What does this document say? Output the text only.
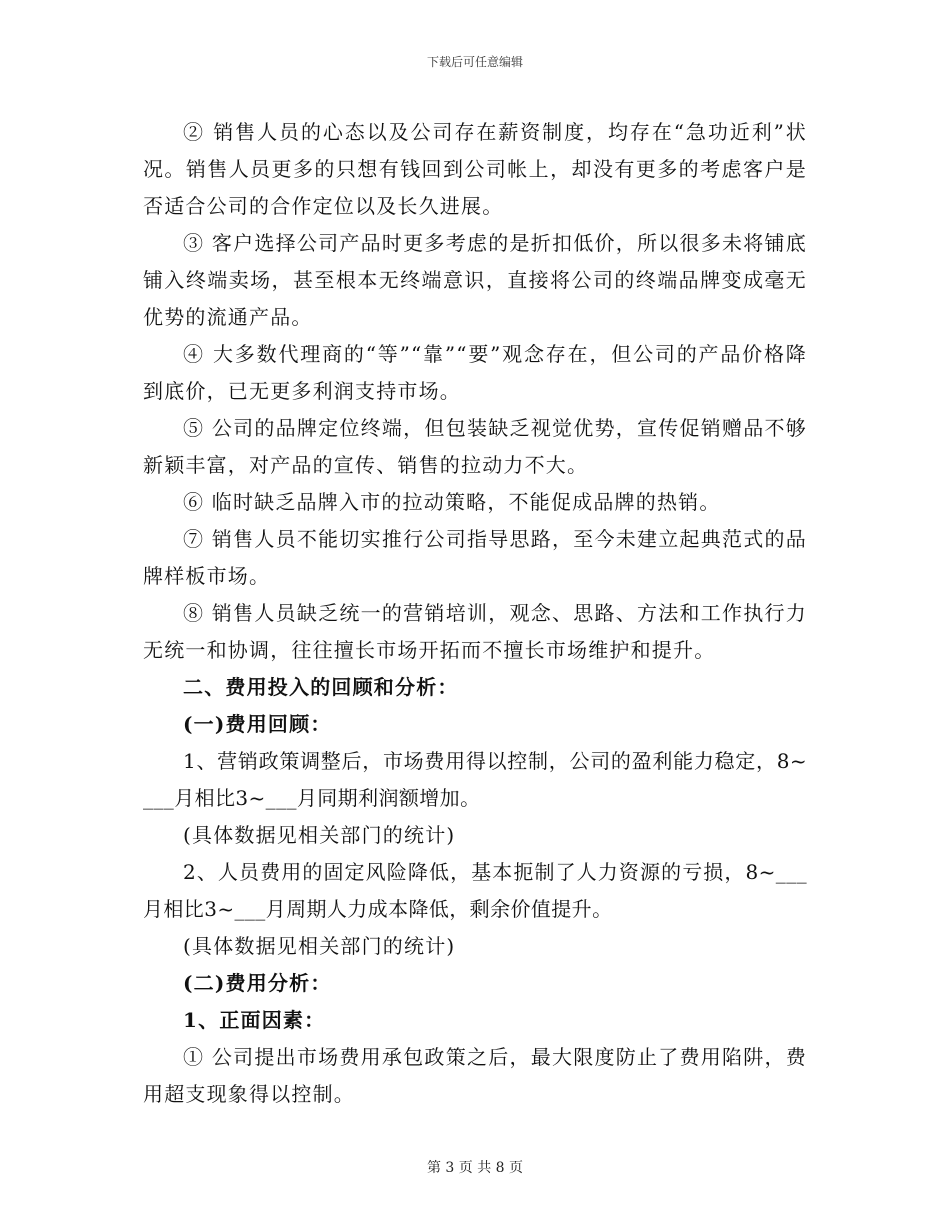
下载后可任意编辑

② 销售人员的心态以及公司存在薪资制度，均存在“急功近利”状况。销售人员更多的只想有钱回到公司帐上，却没有更多的考虑客户是否适合公司的合作定位以及长久进展。

③ 客户选择公司产品时更多考虑的是折扣低价，所以很多未将铺底铺入终端卖场，甚至根本无终端意识，直接将公司的终端品牌变成毫无优势的流通产品。

④ 大多数代理商的“等”“靠”“要”观念存在，但公司的产品价格降到底价，已无更多利润支持市场。

⑤ 公司的品牌定位终端，但包装缺乏视觉优势，宣传促销赠品不够新颖丰富，对产品的宣传、销售的拉动力不大。

⑥ 临时缺乏品牌入市的拉动策略，不能促成品牌的热销。

⑦ 销售人员不能切实推行公司指导思路，至今未建立起典范式的品牌样板市场。

⑧ 销售人员缺乏统一的营销培训，观念、思路、方法和工作执行力无统一和协调，往往擅长市场开拓而不擅长市场维护和提升。

二、费用投入的回顾和分析：

(一)费用回顾：

1、营销政策调整后，市场费用得以控制，公司的盈利能力稳定，8~___月相比3~___月同期利润额增加。

(具体数据见相关部门的统计)

2、人员费用的固定风险降低，基本扼制了人力资源的亏损，8~___月相比3~___月周期人力成本降低，剩余价值提升。

(具体数据见相关部门的统计)

(二)费用分析：

1、正面因素：

① 公司提出市场费用承包政策之后，最大限度防止了费用陷阱，费用超支现象得以控制。

第 3 页 共 8 页
